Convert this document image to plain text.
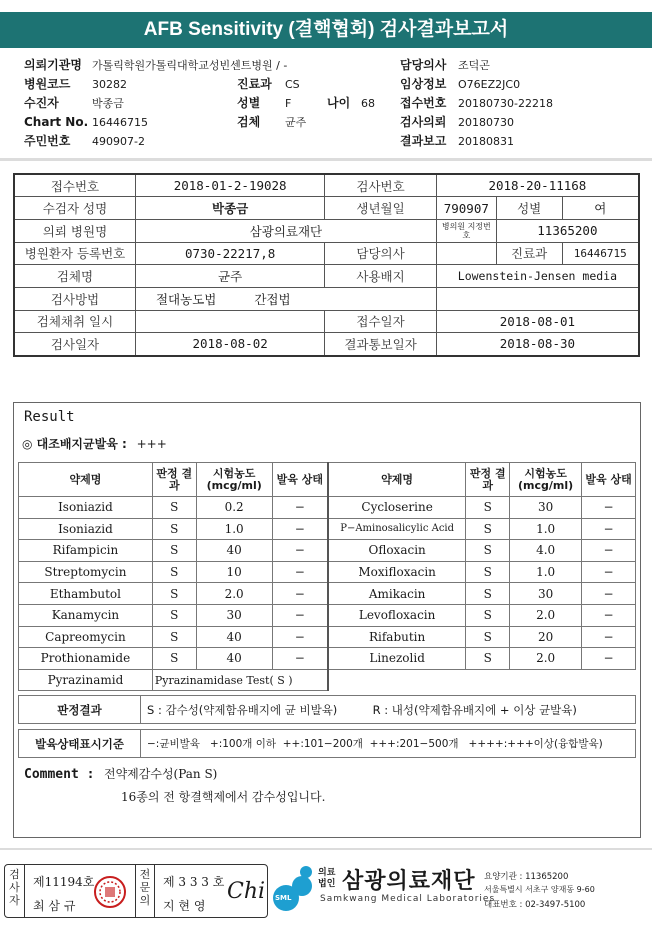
AFB Sensitivity (결핵협회) 검사결과보고서
의뢰기관명 가톨릭학원가톨릭대학교성빈센트병원 / -
병원코드 30282
수진자	박종금
Chart No. 16446715
주민번호 490907-2
진료과 CS
성별 F	나이 68
검체 균주
담당의사 조덕곤
임상정보 O76EZ2JC0
접수번호 20180730-22218
검사의뢰 20180730
결과보고 20180831
접수번호	2018-01-2-19028	검사번호	2018-20-11168		
수검자 성명	박종금	생년월일	790907	성별	여
의뢰 병원명	삼광의료재단		병의원 지정번호	11365200	
병원환자 등록번호	0730-22217,8	담당의사		진료과	16446715
검체명	균주	사용배지	Lowenstein-Jensen media		
검사방법	절대농도법 간접법				
검체채취 일시		접수일자	2018-08-01		
검사일자	2018-08-02	결과통보일자	2018-08-30		
Result
◎ 대조배지균발육 : +++
약제명	판정 결과	시험농도 (mcg/ml)	발육 상태	약제명	판정 결과	시험농도 (mcg/ml)	발육 상태
Isoniazid	S	0.2	−	Cycloserine	S	30	−
Isoniazid	S	1.0	−	P−Aminosalicylic Acid	S	1.0	−
Rifampicin	S	40	−	Ofloxacin	S	4.0	−
Streptomycin	S	10	−	Moxifloxacin	S	1.0	−
Ethambutol	S	2.0	−	Amikacin	S	30	−
Kanamycin	S	30	−	Levofloxacin	S	2.0	−
Capreomycin	S	40	−	Rifabutin	S	20	−
Prothionamide	S	40	−	Linezolid	S	2.0	−
Pyrazinamid	Pyrazinamidase Test( S )						
판정결과	S : 감수성(약제함유배지에 균 비발육)	R : 내성(약제함유배지에 + 이상 균발육)
발육상태표시기준	−:균비발육   +:100개 이하  ++:101−200개  +++:201−500개   ++++:+++이상(융합발육)
Comment : 전약제감수성(Pan S)
16종의 전 항결핵제에서 감수성입니다.
검사자
제11194호
최 삼 규
전문의
제 3 3 3 호
지 현 영
Chi SML
의료
법인 삼광의료재단
Samkwang Medical Laboratories
요양기관 : 11365200
서울특별시 서초구 양재동 9-60
대표번호 : 02-3497-5100
